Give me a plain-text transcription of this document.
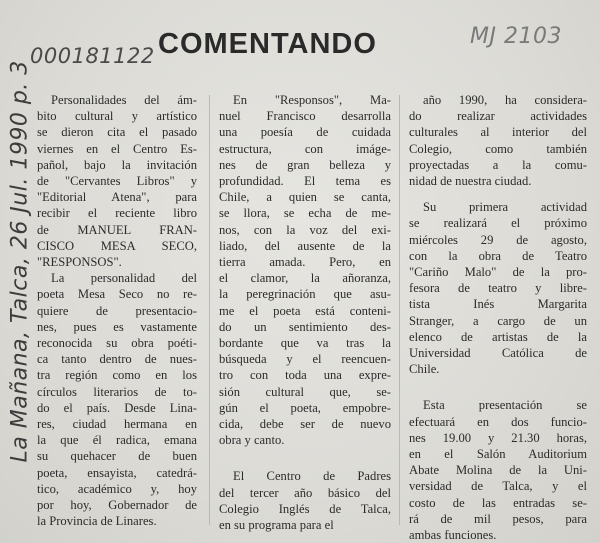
000181122
MJ 2103
La Mañana, Talca, 26 Jul. 1990 p. 3
COMENTANDO
Personalidades del ám-
bito cultural y artístico
se dieron cita el pasado
viernes en el Centro Es-
pañol, bajo la invitación
de "Cervantes Libros" y
"Editorial Atena", para
recibir el reciente libro
de MANUEL FRAN-
CISCO MESA SECO,
"RESPONSOS".
La personalidad del
poeta Mesa Seco no re-
quiere de presentacio-
nes, pues es vastamente
reconocida su obra poéti-
ca tanto dentro de nues-
tra región como en los
círculos literarios de to-
do el país. Desde Lina-
res, ciudad hermana en
la que él radica, emana
su quehacer de buen
poeta, ensayista, catedrá-
tico, académico y, hoy
por hoy, Gobernador de
la Provincia de Linares.
En "Responsos", Ma-
nuel Francisco desarrolla
una poesía de cuidada
estructura, con imáge-
nes de gran belleza y
profundidad. El tema es
Chile, a quien se canta,
se llora, se echa de me-
nos, con la voz del exi-
liado, del ausente de la
tierra amada. Pero, en
el clamor, la añoranza,
la peregrinación que asu-
me el poeta está conteni-
do un sentimiento des-
bordante que va tras la
búsqueda y el reencuen-
tro con toda una expre-
sión cultural que, se-
gún el poeta, empobre-
cida, debe ser de nuevo
obra y canto.
El Centro de Padres
del tercer año básico del
Colegio Inglés de Talca,
en su programa para el
año 1990, ha considera-
do realizar actividades
culturales al interior del
Colegio, como también
proyectadas a la comu-
nidad de nuestra ciudad.
Su primera actividad
se realizará el próximo
miércoles 29 de agosto,
con la obra de Teatro
"Cariño Malo" de la pro-
fesora de teatro y libre-
tista Inés Margarita
Stranger, a cargo de un
elenco de artistas de la
Universidad Católica de
Chile.
Esta presentación se
efectuará en dos funcio-
nes 19.00 y 21.30 horas,
en el Salón Auditorium
Abate Molina de la Uni-
versidad de Talca, y el
costo de las entradas se-
rá de mil pesos, para
ambas funciones.
